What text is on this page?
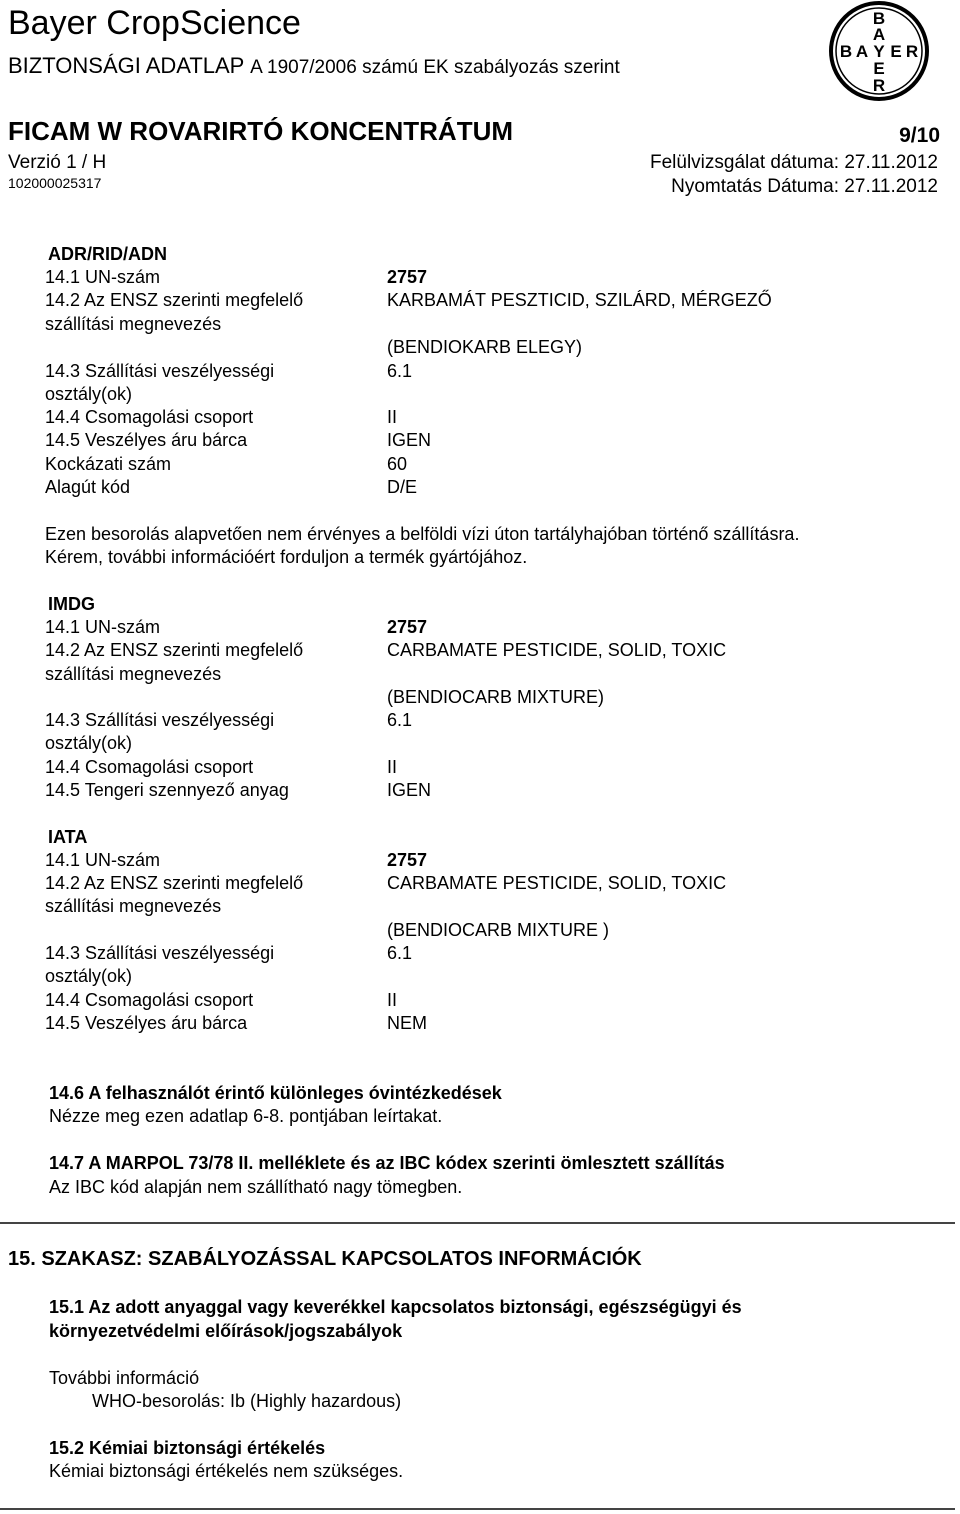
Bayer CropScience
BIZTONSÁGI ADATLAP A 1907/2006 számú EK szabályozás szerint
FICAM W ROVARIRTÓ KONCENTRÁTUM	9/10
Verzió 1 / H	Felülvizsgálat dátuma: 27.11.2012
102000025317	Nyomtatás Dátuma: 27.11.2012
B
A
B A Y E R
E
R
ADR/RID/ADN
14.1 UN-szám	2757
14.2 Az ENSZ szerinti megfelelő	KARBAMÁT PESZTICID, SZILÁRD, MÉRGEZŐ
szállítási megnevezés
(BENDIOKARB ELEGY)
14.3 Szállítási veszélyességi	6.1
osztály(ok)
14.4 Csomagolási csoport	II
14.5 Veszélyes áru bárca	IGEN
Kockázati szám	60
Alagút kód	D/E
Ezen besorolás alapvetően nem érvényes a belföldi vízi úton tartályhajóban történő szállításra.
Kérem, további információért forduljon a termék gyártójához.
IMDG
14.1 UN-szám	2757
14.2 Az ENSZ szerinti megfelelő	CARBAMATE PESTICIDE, SOLID, TOXIC
szállítási megnevezés
(BENDIOCARB MIXTURE)
14.3 Szállítási veszélyességi	6.1
osztály(ok)
14.4 Csomagolási csoport	II
14.5 Tengeri szennyező anyag	IGEN
IATA
14.1 UN-szám	2757
14.2 Az ENSZ szerinti megfelelő	CARBAMATE PESTICIDE, SOLID, TOXIC
szállítási megnevezés
(BENDIOCARB MIXTURE )
14.3 Szállítási veszélyességi	6.1
osztály(ok)
14.4 Csomagolási csoport	II
14.5 Veszélyes áru bárca	NEM
14.6 A felhasználót érintő különleges óvintézkedések
Nézze meg ezen adatlap 6-8. pontjában leírtakat.
14.7 A MARPOL 73/78 II. melléklete és az IBC kódex szerinti ömlesztett szállítás
Az IBC kód alapján nem szállítható nagy tömegben.
15. SZAKASZ: SZABÁLYOZÁSSAL KAPCSOLATOS INFORMÁCIÓK
15.1 Az adott anyaggal vagy keverékkel kapcsolatos biztonsági, egészségügyi és
környezetvédelmi előírások/jogszabályok
További információ
WHO-besorolás: Ib (Highly hazardous)
15.2 Kémiai biztonsági értékelés
Kémiai biztonsági értékelés nem szükséges.
